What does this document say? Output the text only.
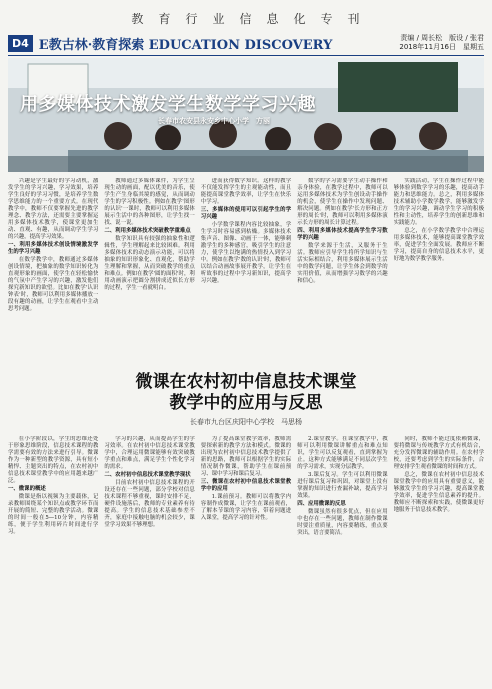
教 育 行 业 信 息 化 专 刊
D4 E教古林·教育探索 EDUCATION DISCOVERY	责编 / 周长松　版设 / 张君
2018年11月16日　星期五
用多媒体技术激发学生数学学习兴趣
长春市农安县永安乡中心小学　方丽

兴趣是学生最好的学习动机，激发学生的学习兴趣，学习效果，培养学生良好的学习习惯，是培养学生数学思维能力的一个重要方式。在现代教学中，教师不仅要掌握先进的教学理念、教学方法，还需要主要掌握运用多媒体技术教学，使课堂更加生动、直观、有趣，从而调动学生学习的兴趣，提高学习效果。

一、利用多媒体技术创设情境激发学生的学习兴趣

在数学教学中，教师通过多媒体创设情境，把抽象的数学知识转化为直观形象的画面，使学生在轻松愉快的气氛中产生学习的兴趣，激发他们探究新知识的欲望。比如在教学'认识钟表'时，教师可以利用多媒体播放一段有趣的动画，让学生在观看中主动思考问题。

教师通过多媒体课件，为学生呈现生动的画面，配以优美的音乐，使学生产生身临其境的感觉，从而调动学生的学习积极性。例如在教学'图形的认识'一课时，教师可以利用多媒体展示生活中的各种图形，让学生找一找、说一说。

二、利用多媒体技术突破教学重难点

数学知识具有较强的抽象性和逻辑性，学生理解起来比较困难。利用多媒体技术的动态演示功能，可以将抽象的知识形象化、直观化，帮助学生理解和掌握，从而突破教学的重点和难点。例如在教学'圆的面积'时，利用动画演示把圆分割拼成近似长方形的过程，学生一看就明白。

进而获得数学知识。这样的教学不仅能发挥学生的主观能动性，而且能提高课堂教学效率，让学生在快乐中学习。

三、多媒体的使用可以引起学生的学习兴趣

小学数学课程内容比较抽象，学生学习时容易感到枯燥。多媒体技术集声音、图像、动画于一体，能够刺激学生的多种感官，吸引学生的注意力，使学生以饱满的热情投入到学习中。例如在教学'数的认识'时，教师可以结合动画故事展开教学，让学生在听故事的过程中学习新知识，提高学习兴趣。

数学的学习需要学生动手操作和亲身体验，在教学过程中，教师可以运用多媒体技术为学生创设动手操作的机会，使学生在操作中发现问题、解决问题。例如在教学'长方形和正方形的周长'时，教师可以利用多媒体演示长方形的周长计算过程。

四、利用多媒体技术提高学生学习数学的兴趣

数学来源于生活，又服务于生活。教师应引导学生将所学知识与生活实际相结合，利用多媒体展示生活中的数学问题，让学生体会到数学的实用价值，从而增强学习数学的兴趣和信心。

实践活动，学生在操作过程中能够体验到数学学习的乐趣，提高动手能力和思维能力。总之，利用多媒体技术辅助小学数学教学，能够激发学生的学习兴趣，调动学生学习的积极性和主动性，培养学生的创新思维和实践能力。

总之，在小学数学教学中合理运用多媒体技术，能够提高课堂教学效率，促进学生全面发展。教师应不断学习，提高自身的信息技术水平，更好地为数学教学服务。

微课在农村初中信息技术课堂
教学中的应用与反思
长春市九台区庆阳中心学校　马思杨

在小学阶段以，学生的思维还处于形象思维阶段，信息技术课程的教学需要有效的方法来进行引导。微课作为一种新型的教学资源，具有短小精悍、主题突出的特点，在农村初中信息技术课堂教学中的应用越来越广泛。

一、微课的概述

微课是指以视频为主要载体，记录教师围绕某个知识点或教学环节而开展的简短、完整的教学活动。微课的时间一般在5—10分钟，内容精练，便于学生利用碎片时间进行学习。

学习的兴趣，从而提高学生的学习效率。在农村初中信息技术课堂教学中，合理运用微课能够有效突破教学重点和难点，满足学生个性化学习的需求。

二、农村初中信息技术课堂教学现状

目前农村初中信息技术课程的开设还存在一些问题，部分学校对信息技术课程不够重视，课时安排不足，硬件设施落后，教师的专业素养有待提高。学生的信息技术基础参差不齐，家庭中接触电脑的机会较少，课堂学习效果不够理想。

为了提高课堂教学效率，教师需要探索新的教学方法和模式。微课的出现为农村初中信息技术教学提供了新的思路，教师可以根据学生的实际情况制作微课，帮助学生在课前预习、课中学习和课后复习。

三、微课在农村初中信息技术课堂教学中的应用

1.课前预习。教师可以将教学内容制作成微课，让学生在课前观看，了解本节课的学习内容，带着问题进入课堂，提高学习的针对性。

2.课堂教学。在课堂教学中，教师可以利用微课讲解重点和难点知识，学生可以反复观看，直到掌握为止。这种方式能够满足不同层次学生的学习需求，实现分层教学。

3.课后复习。学生可以利用微课进行课后复习和巩固，对课堂上没有掌握的知识进行查漏补缺，提高学习效果。

四、应用微课的反思

微课虽然有很多优点，但在应用中也存在一些问题，教师在制作微课时要注重质量，内容要精练，重点要突出，语言要简洁。

同时，教师不能过度依赖微课，要将微课与传统教学方式有机结合，充分发挥微课的辅助作用。在农村学校，还要考虑到学生的实际条件，合理安排学生观看微课的时间和方式。

总之，微课在农村初中信息技术课堂教学中的应用具有重要意义，能够激发学生的学习兴趣，提高课堂教学效率，促进学生信息素养的提升。教师应不断探索和实践，使微课更好地服务于信息技术教学。
